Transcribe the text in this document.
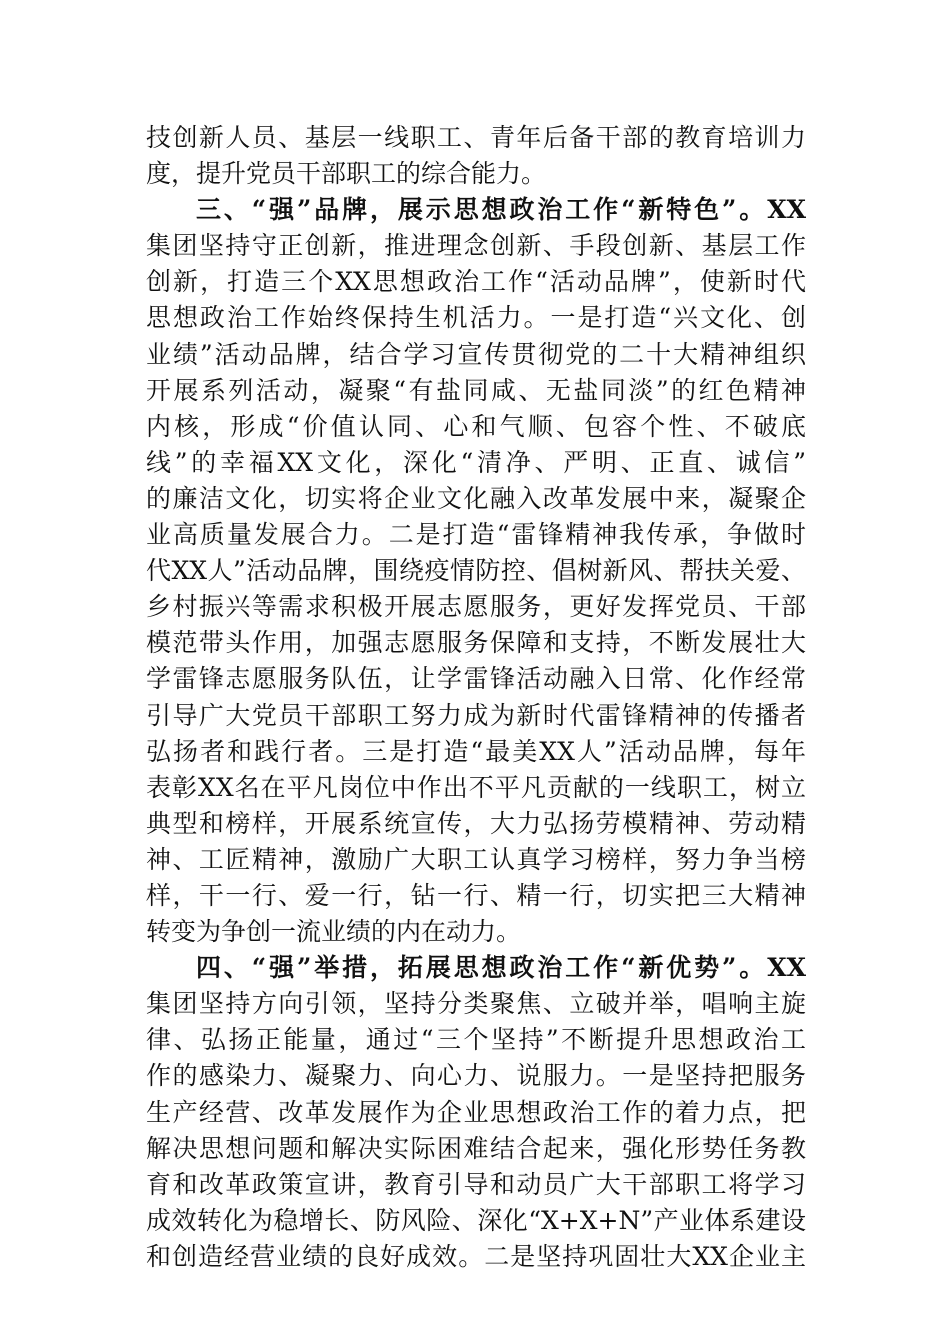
技创新人员、基层一线职工、青年后备干部的教育培训力
度，提升党员干部职工的综合能力。
三、“强”品牌，展示思想政治工作“新特色”。XX
集团坚持守正创新，推进理念创新、手段创新、基层工作
创新，打造三个XX思想政治工作“活动品牌”，使新时代
思想政治工作始终保持生机活力。一是打造“兴文化、创
业绩”活动品牌，结合学习宣传贯彻党的二十大精神组织
开展系列活动，凝聚“有盐同咸、无盐同淡”的红色精神
内核，形成“价值认同、心和气顺、包容个性、不破底
线”的幸福XX文化，深化“清净、严明、正直、诚信”
的廉洁文化，切实将企业文化融入改革发展中来，凝聚企
业高质量发展合力。二是打造“雷锋精神我传承，争做时
代XX人”活动品牌，围绕疫情防控、倡树新风、帮扶关爱、
乡村振兴等需求积极开展志愿服务，更好发挥党员、干部
模范带头作用，加强志愿服务保障和支持，不断发展壮大
学雷锋志愿服务队伍，让学雷锋活动融入日常、化作经常
引导广大党员干部职工努力成为新时代雷锋精神的传播者
弘扬者和践行者。三是打造“最美XX人”活动品牌，每年
表彰XX名在平凡岗位中作出不平凡贡献的一线职工，树立
典型和榜样，开展系统宣传，大力弘扬劳模精神、劳动精
神、工匠精神，激励广大职工认真学习榜样，努力争当榜
样，干一行、爱一行，钻一行、精一行，切实把三大精神
转变为争创一流业绩的内在动力。
四、“强”举措，拓展思想政治工作“新优势”。XX
集团坚持方向引领，坚持分类聚焦、立破并举，唱响主旋
律、弘扬正能量，通过“三个坚持”不断提升思想政治工
作的感染力、凝聚力、向心力、说服力。一是坚持把服务
生产经营、改革发展作为企业思想政治工作的着力点，把
解决思想问题和解决实际困难结合起来，强化形势任务教
育和改革政策宣讲，教育引导和动员广大干部职工将学习
成效转化为稳增长、防风险、深化“X+X+N”产业体系建设
和创造经营业绩的良好成效。二是坚持巩固壮大XX企业主
